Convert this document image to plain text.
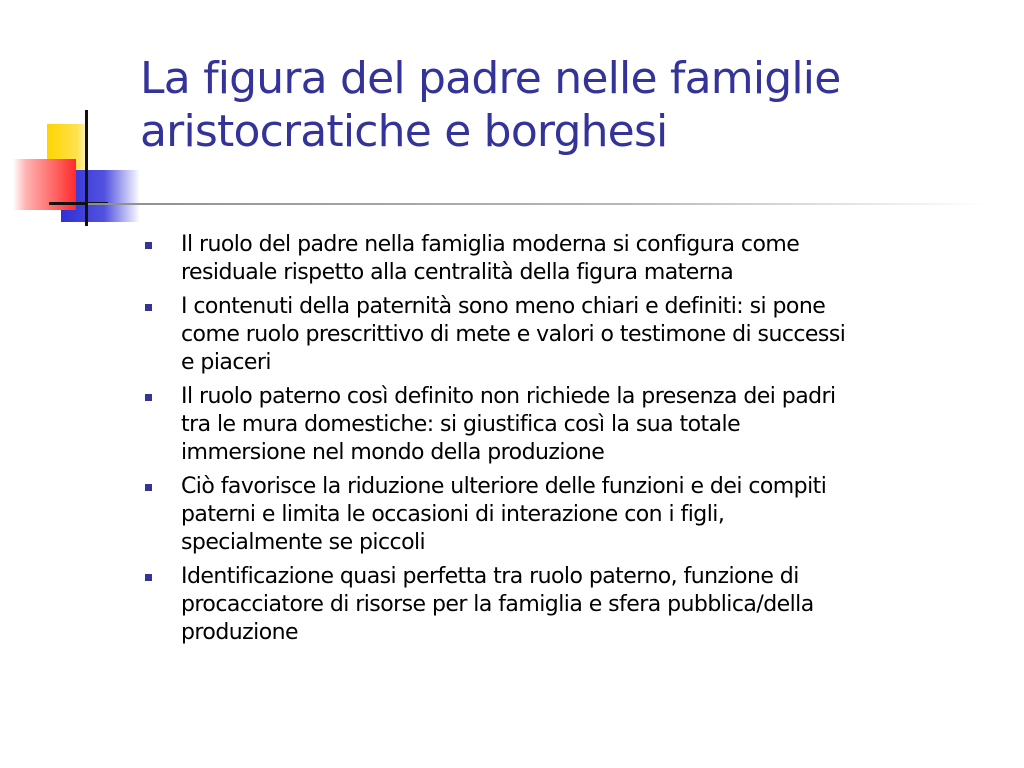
La figura del padre nelle famiglie
aristocratiche e borghesi
Il ruolo del padre nella famiglia moderna si configura come
residuale rispetto alla centralità della figura materna
I contenuti della paternità sono meno chiari e definiti: si pone
come ruolo prescrittivo di mete e valori o testimone di successi
e piaceri
Il ruolo paterno così definito non richiede la presenza dei padri
tra le mura domestiche: si giustifica così la sua totale
immersione nel mondo della produzione
Ciò favorisce la riduzione ulteriore delle funzioni e dei compiti
paterni e limita le occasioni di interazione con i figli,
specialmente se piccoli
Identificazione quasi perfetta tra ruolo paterno, funzione di
procacciatore di risorse per la famiglia e sfera pubblica/della
produzione
